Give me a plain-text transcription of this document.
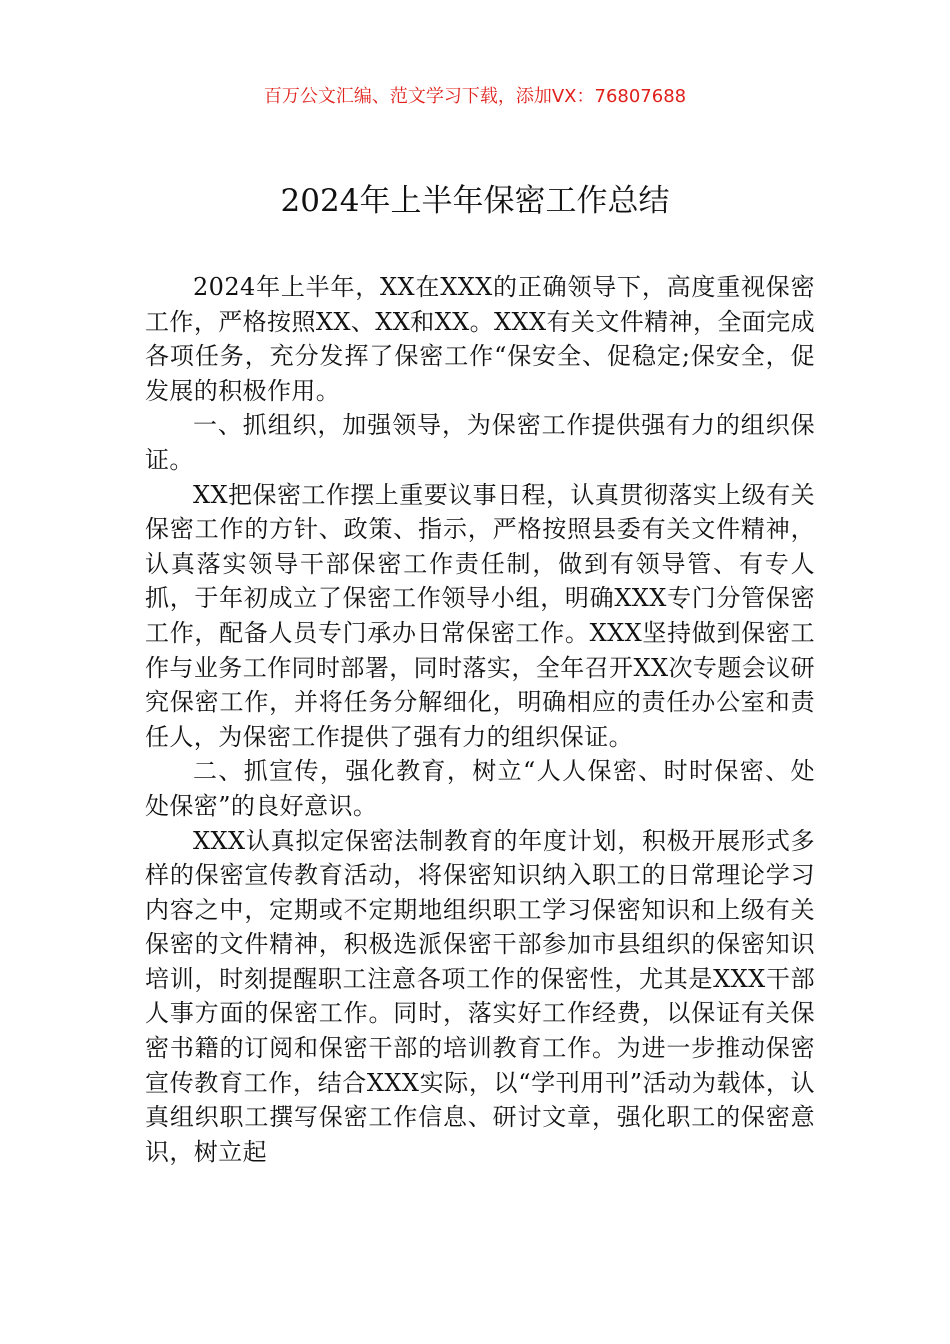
百万公文汇编、范文学习下载，添加VX：76807688
2024年上半年保密工作总结

2024年上半年，XX在XXX的正确领导下，高度重视保密工作，严格按照XX、XX和XX。XXX有关文件精神，全面完成各项任务，充分发挥了保密工作“保安全、促稳定;保安全，促发展的积极作用。

一、抓组织，加强领导，为保密工作提供强有力的组织保证。

XX把保密工作摆上重要议事日程，认真贯彻落实上级有关保密工作的方针、政策、指示，严格按照县委有关文件精神，认真落实领导干部保密工作责任制，做到有领导管、有专人抓，于年初成立了保密工作领导小组，明确XXX专门分管保密工作，配备人员专门承办日常保密工作。XXX坚持做到保密工作与业务工作同时部署，同时落实，全年召开XX次专题会议研究保密工作，并将任务分解细化，明确相应的责任办公室和责任人，为保密工作提供了强有力的组织保证。

二、抓宣传，强化教育，树立“人人保密、时时保密、处处保密”的良好意识。

XXX认真拟定保密法制教育的年度计划，积极开展形式多样的保密宣传教育活动，将保密知识纳入职工的日常理论学习内容之中，定期或不定期地组织职工学习保密知识和上级有关保密的文件精神，积极选派保密干部参加市县组织的保密知识培训，时刻提醒职工注意各项工作的保密性，尤其是XXX干部人事方面的保密工作。同时，落实好工作经费，以保证有关保密书籍的订阅和保密干部的培训教育工作。为进一步推动保密宣传教育工作，结合XXX实际，以“学刊用刊”活动为载体，认真组织职工撰写保密工作信息、研讨文章，强化职工的保密意识，树立起
